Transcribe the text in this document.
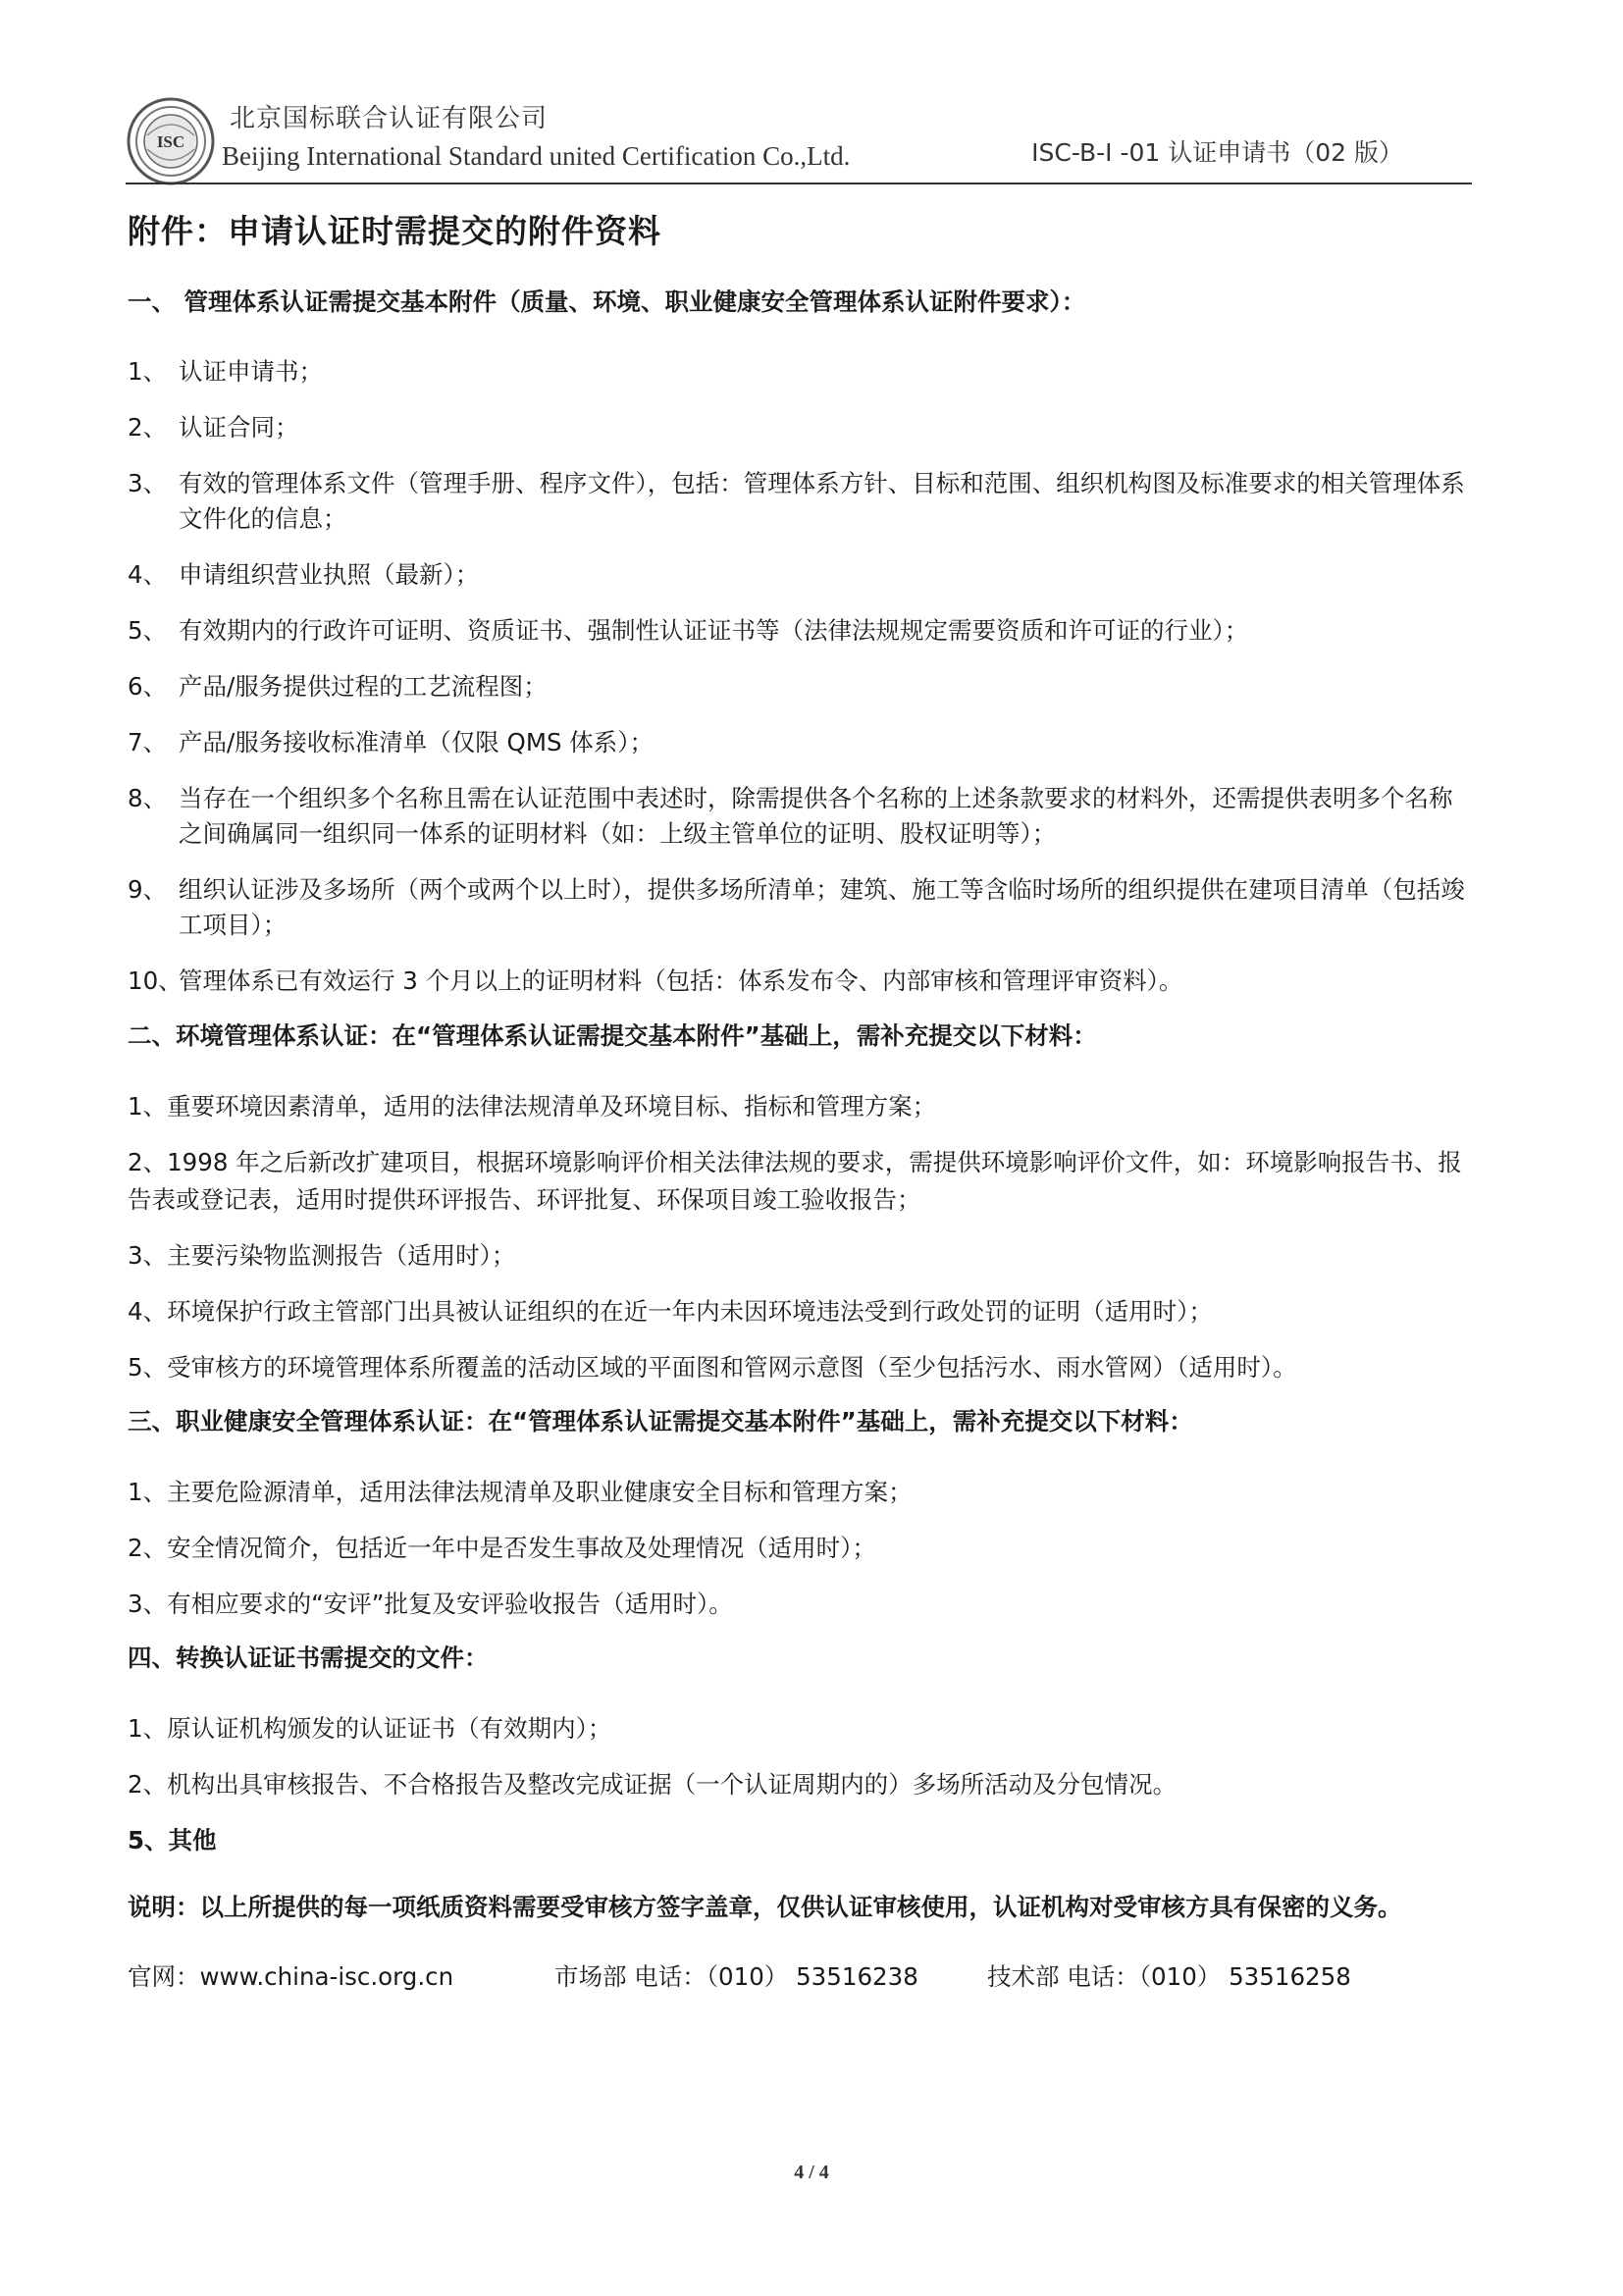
ISC
北京国标联合认证有限公司
Beijing International Standard united Certification Co.,Ltd.	ISC-B-I -01 认证申请书（02 版）
附件：申请认证时需提交的附件资料
一、 管理体系认证需提交基本附件（质量、环境、职业健康安全管理体系认证附件要求）：
1、 认证申请书；
2、 认证合同；
3、 有效的管理体系文件（管理手册、程序文件），包括：管理体系方针、目标和范围、组织机构图及标准要求的相关管理体系文件化的信息；
4、 申请组织营业执照（最新）；
5、 有效期内的行政许可证明、资质证书、强制性认证证书等（法律法规规定需要资质和许可证的行业）；
6、 产品/服务提供过程的工艺流程图；
7、 产品/服务接收标准清单（仅限 QMS 体系）；
8、 当存在一个组织多个名称且需在认证范围中表述时，除需提供各个名称的上述条款要求的材料外，还需提供表明多个名称之间确属同一组织同一体系的证明材料（如：上级主管单位的证明、股权证明等）；
9、 组织认证涉及多场所（两个或两个以上时），提供多场所清单；建筑、施工等含临时场所的组织提供在建项目清单（包括竣工项目）；
10、
管理体系已有效运行 3 个月以上的证明材料（包括：体系发布令、内部审核和管理评审资料）。
二、环境管理体系认证：在“管理体系认证需提交基本附件”基础上，需补充提交以下材料：
1、重要环境因素清单，适用的法律法规清单及环境目标、指标和管理方案；
2、1998 年之后新改扩建项目，根据环境影响评价相关法律法规的要求，需提供环境影响评价文件，如：环境影响报告书、报告表或登记表，适用时提供环评报告、环评批复、环保项目竣工验收报告；
3、主要污染物监测报告（适用时）；
4、环境保护行政主管部门出具被认证组织的在近一年内未因环境违法受到行政处罚的证明（适用时）；
5、受审核方的环境管理体系所覆盖的活动区域的平面图和管网示意图（至少包括污水、雨水管网）（适用时）。
三、职业健康安全管理体系认证：在“管理体系认证需提交基本附件”基础上，需补充提交以下材料：
1、主要危险源清单，适用法律法规清单及职业健康安全目标和管理方案；
2、安全情况简介，包括近一年中是否发生事故及处理情况（适用时）；
3、有相应要求的“安评”批复及安评验收报告（适用时）。
四、转换认证证书需提交的文件：
1、原认证机构颁发的认证证书（有效期内）；
2、机构出具审核报告、不合格报告及整改完成证据（一个认证周期内的）多场所活动及分包情况。
5、其他
说明：以上所提供的每一项纸质资料需要受审核方签字盖章，仅供认证审核使用，认证机构对受审核方具有保密的义务。
官网：www.china-isc.org.cn	市场部 电话：（010） 53516238	技术部 电话：（010） 53516258
4 / 4
